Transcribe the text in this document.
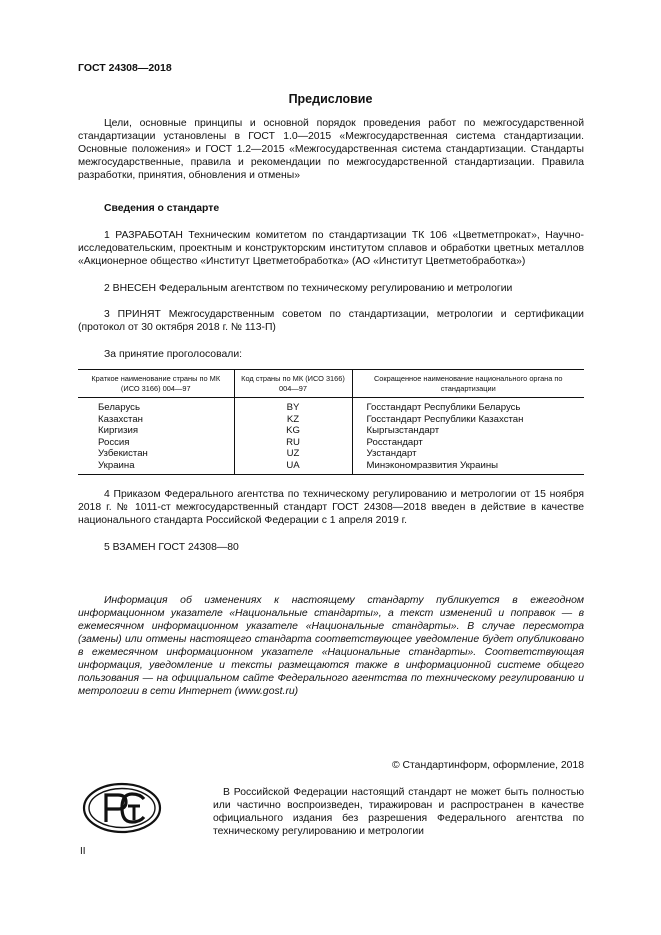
ГОСТ 24308—2018
Предисловие
Цели, основные принципы и основной порядок проведения работ по межгосударственной стандартизации установлены в ГОСТ 1.0—2015 «Межгосударственная система стандартизации. Основные положения» и ГОСТ 1.2—2015 «Межгосударственная система стандартизации. Стандарты межгосударственные, правила и рекомендации по межгосударственной стандартизации. Правила разработки, принятия, обновления и отмены»
Сведения о стандарте
1 РАЗРАБОТАН Техническим комитетом по стандартизации ТК 106 «Цветметпрокат», Научно-исследовательским, проектным и конструкторским институтом сплавов и обработки цветных металлов «Акционерное общество «Институт Цветметобработка» (АО «Институт Цветметобработка»)
2 ВНЕСЕН Федеральным агентством по техническому регулированию и метрологии
3 ПРИНЯТ Межгосударственным советом по стандартизации, метрологии и сертификации (протокол от 30 октября 2018 г. № 113-П)
За принятие проголосовали:
Краткое наименование страны по МК (ИСО 3166) 004—97	Код страны по МК (ИСО 3166) 004—97	Сокращенное наименование национального органа по стандартизации
Беларусь	BY	Госстандарт Республики Беларусь
Казахстан	KZ	Госстандарт Республики Казахстан
Киргизия	KG	Кыргызстандарт
Россия	RU	Росстандарт
Узбекистан	UZ	Узстандарт
Украина	UA	Минэкономразвития Украины
4 Приказом Федерального агентства по техническому регулированию и метрологии от 15 ноября 2018 г. № 1011-ст межгосударственный стандарт ГОСТ 24308—2018 введен в действие в качестве национального стандарта Российской Федерации с 1 апреля 2019 г.
5 ВЗАМЕН ГОСТ 24308—80
Информация об изменениях к настоящему стандарту публикуется в ежегодном информационном указателе «Национальные стандарты», а текст изменений и поправок — в ежемесячном информационном указателе «Национальные стандарты». В случае пересмотра (замены) или отмены настоящего стандарта соответствующее уведомление будет опубликовано в ежемесячном информационном указателе «Национальные стандарты». Соответствующая информация, уведомление и тексты размещаются также в информационной системе общего пользования — на официальном сайте Федерального агентства по техническому регулированию и метрологии в сети Интернет (www.gost.ru)
© Стандартинформ, оформление, 2018
В Российской Федерации настоящий стандарт не может быть полностью или частично воспроизведен, тиражирован и распространен в качестве официального издания без разрешения Федерального агентства по техническому регулированию и метрологии
II
